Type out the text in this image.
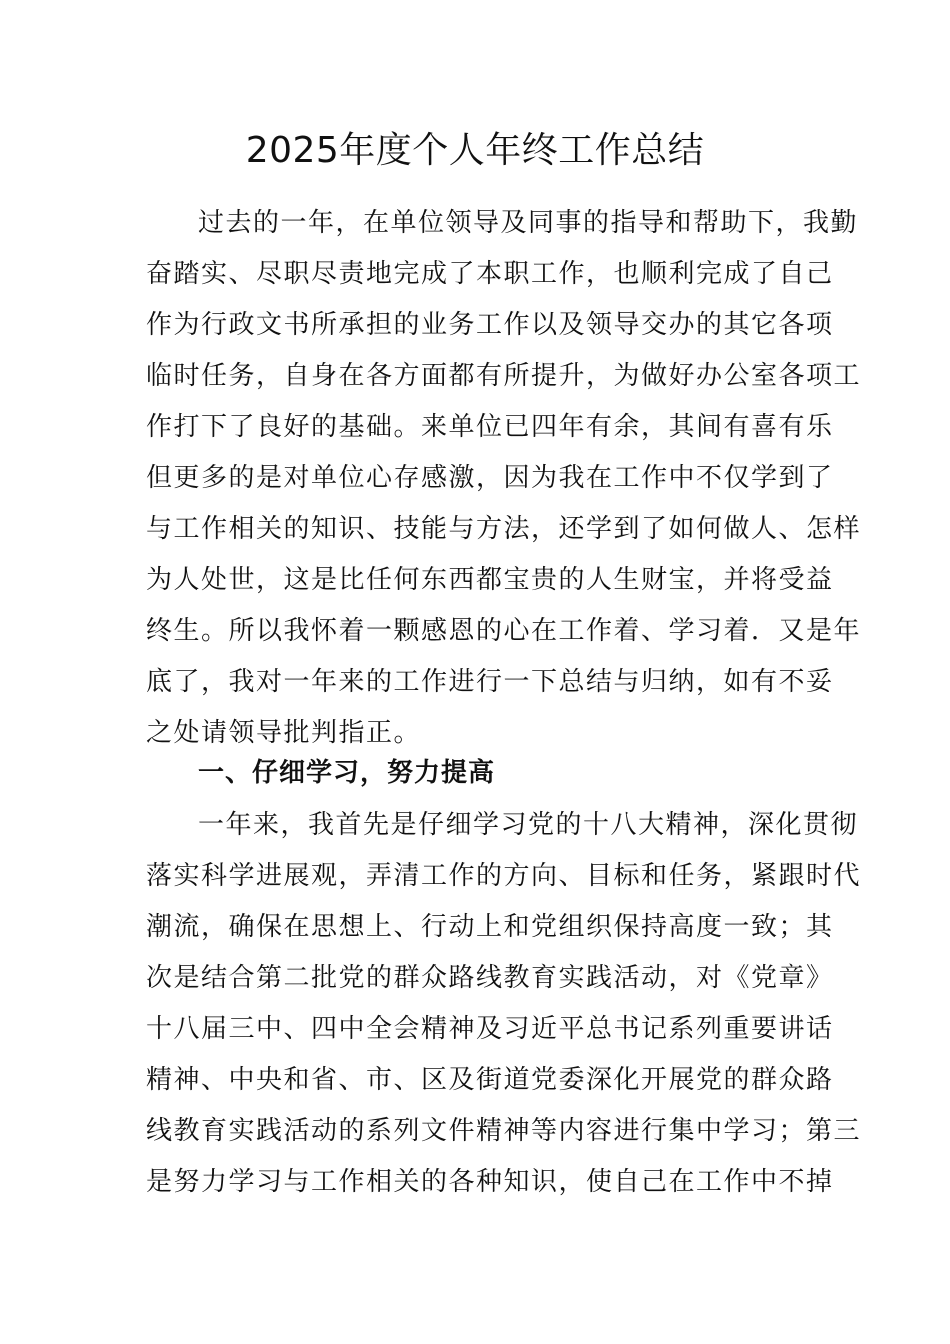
2025年度个人年终工作总结
过去的一年，在单位领导及同事的指导和帮助下，我勤
奋踏实、尽职尽责地完成了本职工作，也顺利完成了自己
作为行政文书所承担的业务工作以及领导交办的其它各项
临时任务，自身在各方面都有所提升，为做好办公室各项工
作打下了良好的基础。来单位已四年有余，其间有喜有乐
但更多的是对单位心存感激，因为我在工作中不仅学到了
与工作相关的知识、技能与方法，还学到了如何做人、怎样
为人处世，这是比任何东西都宝贵的人生财宝，并将受益
终生。所以我怀着一颗感恩的心在工作着、学习着．又是年
底了，我对一年来的工作进行一下总结与归纳，如有不妥
之处请领导批判指正。
一、仔细学习，努力提高
一年来，我首先是仔细学习党的十八大精神，深化贯彻
落实科学进展观，弄清工作的方向、目标和任务，紧跟时代
潮流，确保在思想上、行动上和党组织保持高度一致；其
次是结合第二批党的群众路线教育实践活动，对《党章》
十八届三中、四中全会精神及习近平总书记系列重要讲话
精神、中央和省、市、区及街道党委深化开展党的群众路
线教育实践活动的系列文件精神等内容进行集中学习；第三
是努力学习与工作相关的各种知识，使自己在工作中不掉
